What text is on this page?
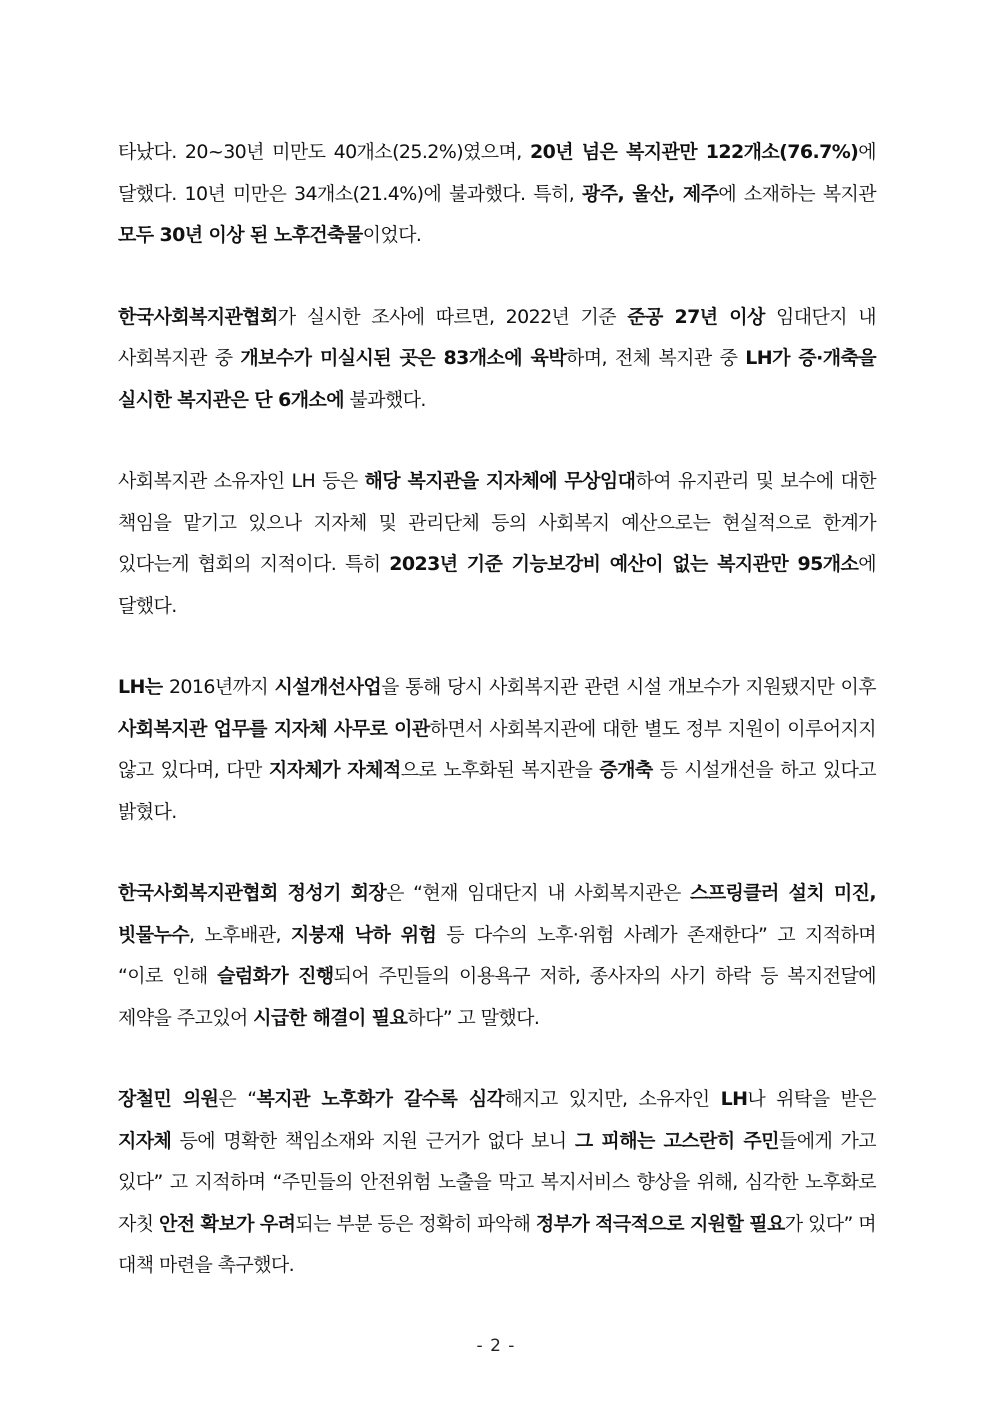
타났다. 20~30년 미만도 40개소(25.2%)였으며, 20년 넘은 복지관만 122개소(76.7%)에 달했다. 10년 미만은 34개소(21.4%)에 불과했다. 특히, 광주, 울산, 제주에 소재하는 복지관 모두 30년 이상 된 노후건축물이었다.

한국사회복지관협회가 실시한 조사에 따르면, 2022년 기준 준공 27년 이상 임대단지 내 사회복지관 중 개보수가 미실시된 곳은 83개소에 육박하며, 전체 복지관 중 LH가 증·개축을 실시한 복지관은 단 6개소에 불과했다.

사회복지관 소유자인 LH 등은 해당 복지관을 지자체에 무상임대하여 유지관리 및 보수에 대한 책임을 맡기고 있으나 지자체 및 관리단체 등의 사회복지 예산으로는 현실적으로 한계가 있다는게 협회의 지적이다. 특히 2023년 기준 기능보강비 예산이 없는 복지관만 95개소에 달했다.

LH는 2016년까지 시설개선사업을 통해 당시 사회복지관 관련 시설 개보수가 지원됐지만 이후 사회복지관 업무를 지자체 사무로 이관하면서 사회복지관에 대한 별도 정부 지원이 이루어지지 않고 있다며, 다만 지자체가 자체적으로 노후화된 복지관을 증개축 등 시설개선을 하고 있다고 밝혔다.

한국사회복지관협회 정성기 회장은 “현재 임대단지 내 사회복지관은 스프링클러 설치 미진, 빗물누수, 노후배관, 지붕재 낙하 위험 등 다수의 노후·위험 사례가 존재한다” 고 지적하며 “이로 인해 슬럼화가 진행되어 주민들의 이용욕구 저하, 종사자의 사기 하락 등 복지전달에 제약을 주고있어 시급한 해결이 필요하다” 고 말했다.

장철민 의원은 “복지관 노후화가 갈수록 심각해지고 있지만, 소유자인 LH나 위탁을 받은 지자체 등에 명확한 책임소재와 지원 근거가 없다 보니 그 피해는 고스란히 주민들에게 가고 있다” 고 지적하며 “주민들의 안전위험 노출을 막고 복지서비스 향상을 위해, 심각한 노후화로 자칫 안전 확보가 우려되는 부분 등은 정확히 파악해 정부가 적극적으로 지원할 필요가 있다” 며 대책 마련을 촉구했다.

- 2 -
